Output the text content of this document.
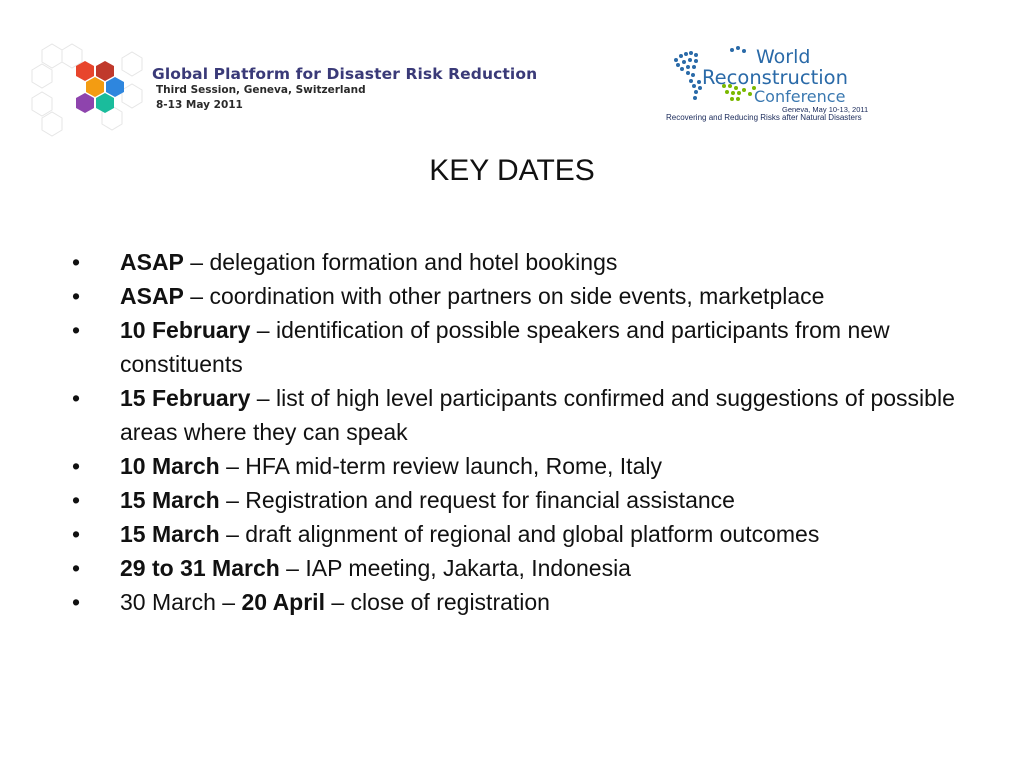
Global Platform for Disaster Risk Reduction
Third Session, Geneva, Switzerland
8-13 May 2011
World
Reconstruction
Conference
Geneva, May 10-13, 2011
Recovering and Reducing Risks after Natural Disasters
KEY DATES
•	ASAP – delegation formation and hotel bookings
•	ASAP – coordination with other partners on side events, marketplace
•	10 February – identification of possible speakers and participants from new constituents
•	15 February – list of high level participants confirmed and suggestions of possible areas where they can speak
•	10 March – HFA mid-term review launch, Rome, Italy
•	15 March – Registration and request for financial assistance
•	15 March – draft alignment of regional and global platform outcomes
•	29 to 31 March – IAP meeting, Jakarta, Indonesia
•	30 March – 20 April – close of registration
